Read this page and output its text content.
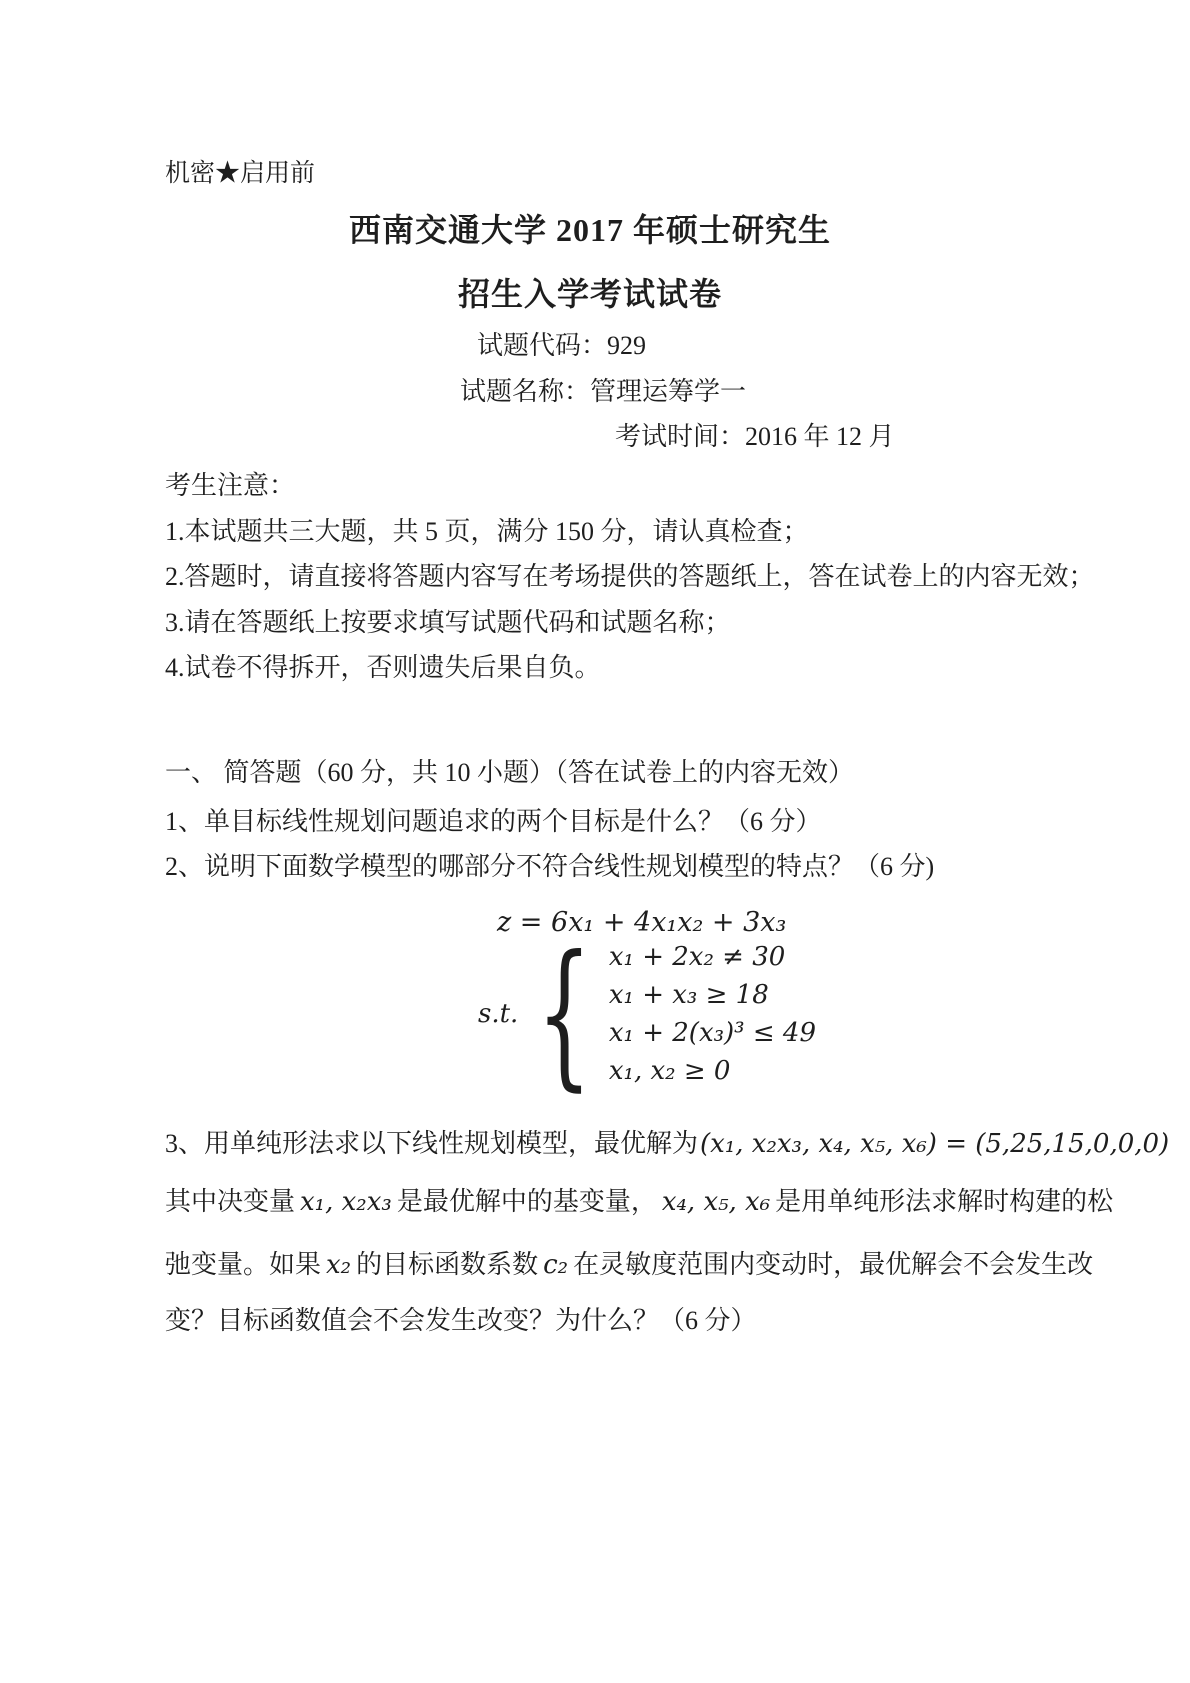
机密★启用前
西南交通大学 2017 年硕士研究生
招生入学考试试卷
试题代码：929
试题名称：管理运筹学一
考试时间：2016 年 12 月
考生注意：
1.本试题共三大题，共 5 页，满分 150 分，请认真检查；
2.答题时，请直接将答题内容写在考场提供的答题纸上，答在试卷上的内容无效；
3.请在答题纸上按要求填写试题代码和试题名称；
4.试卷不得拆开，否则遗失后果自负。
一、 简答题（60 分，共 10 小题）（答在试卷上的内容无效）
1、单目标线性规划问题追求的两个目标是什么？（6 分）
2、说明下面数学模型的哪部分不符合线性规划模型的特点？（6 分)
z = 6x₁ + 4x₁x₂ + 3x₃
s.t. { x₁ + 2x₂ ≠ 30
x₁ + x₃ ≥ 18
x₁ + 2(x₃)³ ≤ 49
x₁, x₂ ≥ 0
3、用单纯形法求以下线性规划模型，最优解为(x₁, x₂x₃, x₄, x₅, x₆) = (5,25,15,0,0,0)
其中决变量 x₁, x₂x₃ 是最优解中的基变量， x₄, x₅, x₆ 是用单纯形法求解时构建的松
弛变量。如果 x₂ 的目标函数系数 c₂ 在灵敏度范围内变动时，最优解会不会发生改
变？目标函数值会不会发生改变？为什么？（6 分）
